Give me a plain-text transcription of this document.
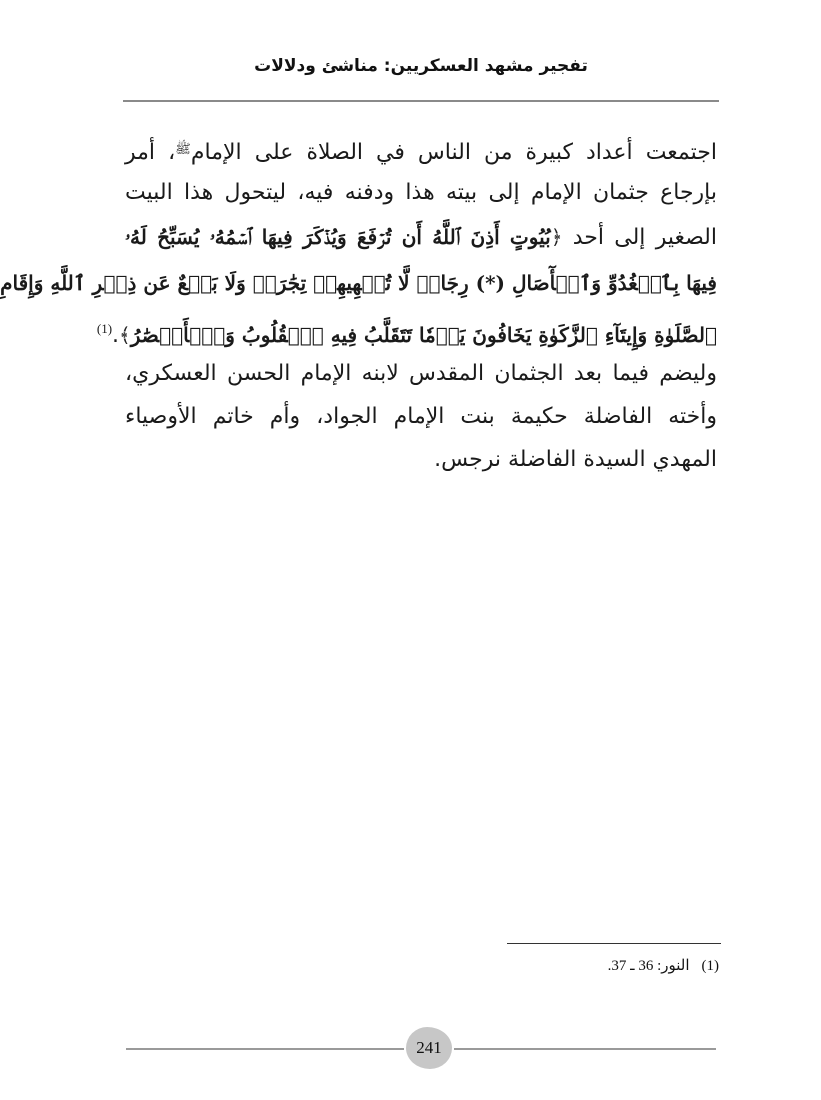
تفجير مشهد العسكريين: مناشئ ودلالات
اجتمعت أعداد كبيرة من الناس في الصلاة على الإمام$^ﷺ$، أمر
بإرجاع جثمان الإمام إلى بيته هذا ودفنه فيه، ليتحول هذا البيت
الصغير إلى أحد ﴿بُيُوتٍ أَذِنَ ٱللَّهُ أَن تُرۡفَعَ وَيُذۡكَرَ فِيهَا ٱسۡمُهُۥ يُسَبِّحُ لَهُۥ
فِيهَا بِٱلۡغُدُوِّ وَٱلۡأٓصَالِ (*) رِجَالٞ لَّا تُلۡهِيهِمۡ تِجَٰرَةٞ وَلَا بَيۡعٌ عَن ذِكۡرِ ٱللَّهِ وَإِقَامِ
ٱلصَّلَوٰةِ وَإِيتَآءِ ٱلزَّكَوٰةِ يَخَافُونَ يَوۡمٗا تَتَقَلَّبُ فِيهِ ٱلۡقُلُوبُ وَٱلۡأَبۡصَٰرُ﴾.$^{(1)}$
وليضم فيما بعد الجثمان المقدس لابنه الإمام الحسن العسكري،
وأخته الفاضلة حكيمة بنت الإمام الجواد، وأم خاتم الأوصياء
المهدي السيدة الفاضلة نرجس.
(1)النور: 36 ـ 37.
241
